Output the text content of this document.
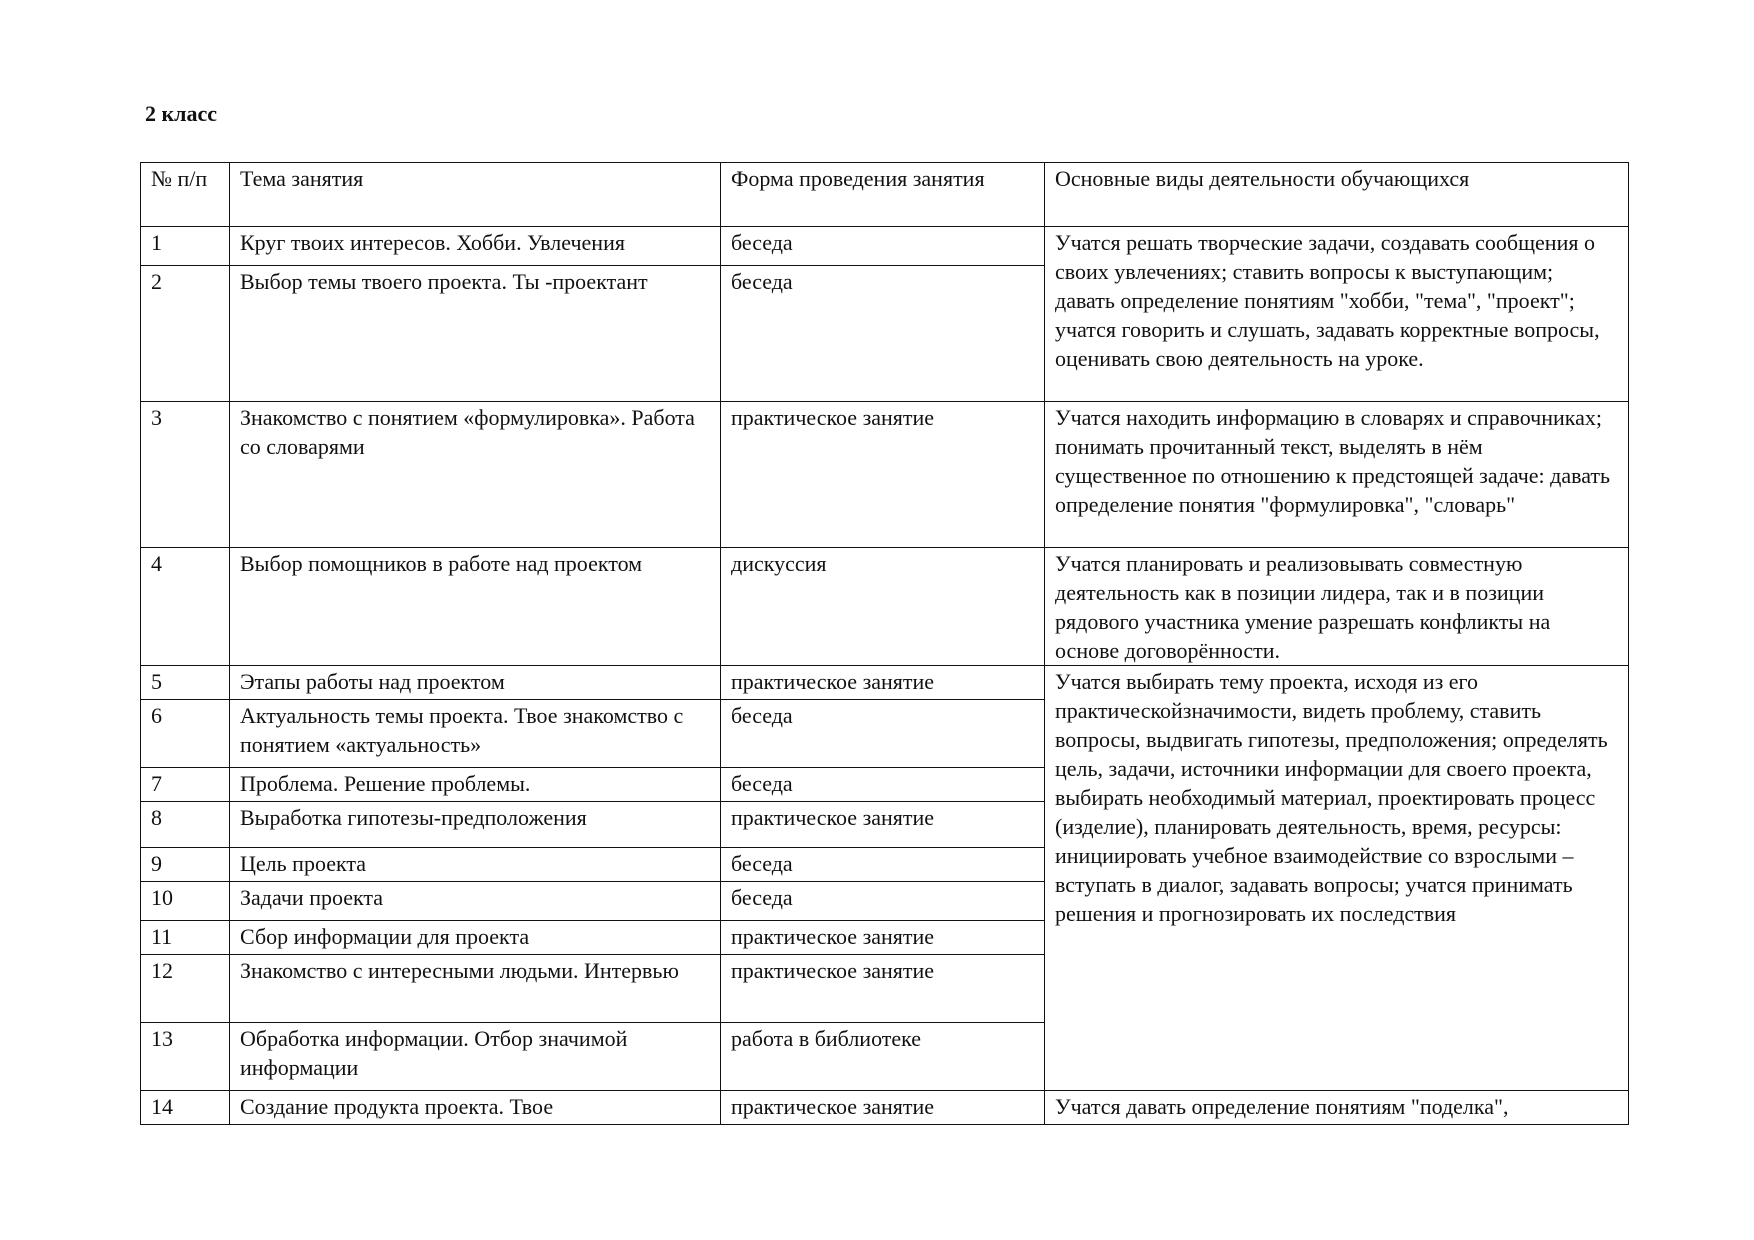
2 класс
№ п/п	Тема занятия	Форма проведения занятия	Основные виды деятельности обучающихся
1	Круг твоих интересов. Хобби. Увлечения	беседа	Учатся решать творческие задачи, создавать сообщения о своих увлечениях; ставить вопросы к выступающим; давать определение понятиям "хобби, "тема", "проект"; учатся говорить и слушать, задавать корректные вопросы, оценивать свою деятельность на уроке.
2	Выбор темы твоего проекта. Ты -проектант	беседа	
3	Знакомство с понятием «формулировка». Работа со словарями	практическое занятие	Учатся находить информацию в словарях и справочниках; понимать прочитанный текст, выделять в нём существенное по отношению к предстоящей задаче: давать определение понятия "формулировка", "словарь"
4	Выбор помощников в работе над проектом	дискуссия	Учатся планировать и реализовывать совместную деятельность как в позиции лидера, так и в позиции рядового участника умение разрешать конфликты на основе договорённости.
5	Этапы работы над проектом	практическое занятие	Учатся выбирать тему проекта, исходя из его практическойзначимости, видеть проблему, ставить вопросы, выдвигать гипотезы, предположения; определять цель, задачи, источники информации для своего проекта, выбирать необходимый материал, проектировать процесс (изделие), планировать деятельность, время, ресурсы: инициировать учебное взаимодействие со взрослыми – вступать в диалог, задавать вопросы; учатся принимать решения и прогнозировать их последствия
6	Актуальность темы проекта. Твое знакомство с понятием «актуальность»	беседа	
7	Проблема. Решение проблемы.	беседа	
8	Выработка гипотезы-предположения	практическое занятие	
9	Цель проекта	беседа	
10	Задачи проекта	беседа	
11	Сбор информации для проекта	практическое занятие	
12	Знакомство с интересными людьми. Интервью	практическое занятие	
13	Обработка информации. Отбор значимой информации	работа в библиотеке	
14	Создание продукта проекта. Твое	практическое занятие	Учатся давать определение понятиям "поделка",
